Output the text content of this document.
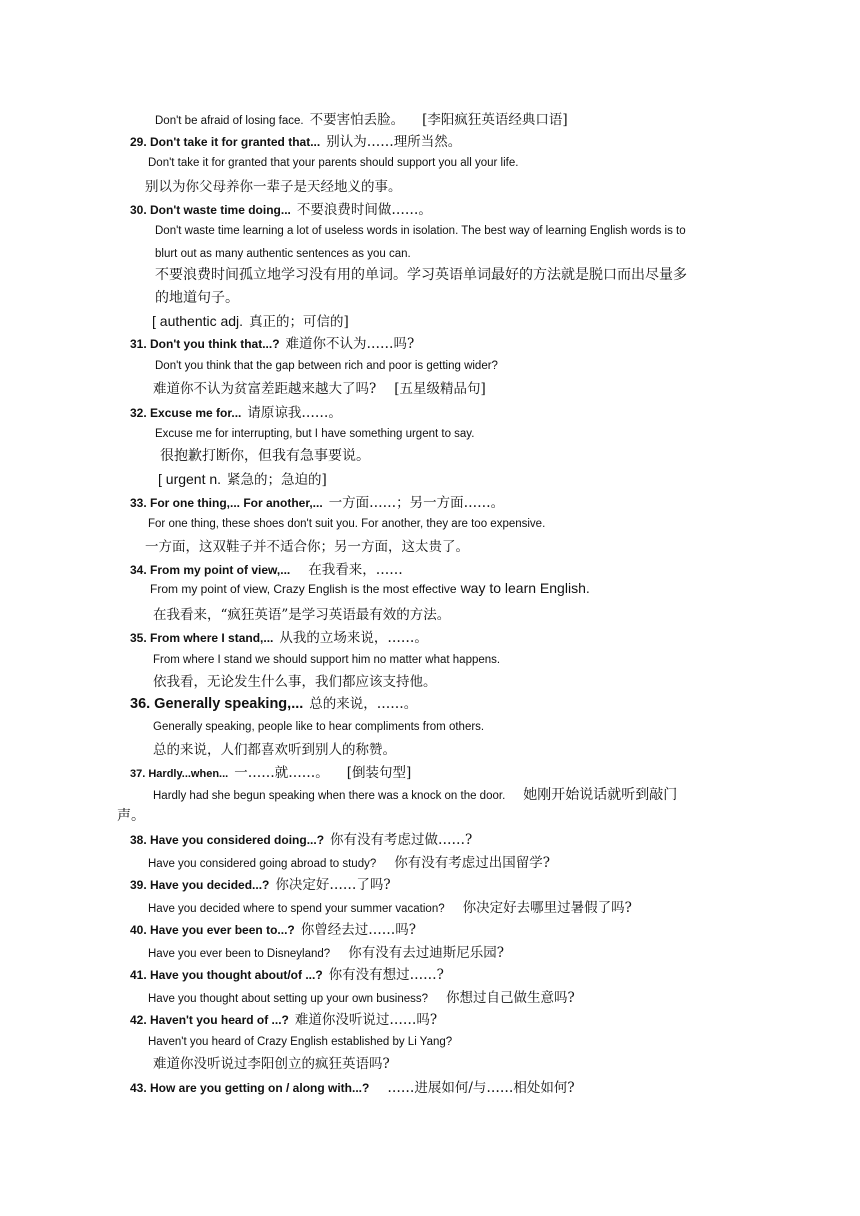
Don't be afraid of losing face. 不要害怕丢脸。 [李阳疯狂英语经典口语]
29. Don't take it for granted that... 别认为……理所当然。
Don't take it for granted that your parents should support you all your life.
别以为你父母养你一辈子是天经地义的事。
30. Don't waste time doing... 不要浪费时间做……。
Don't waste time learning a lot of useless words in isolation. The best way of learning English words is to
blurt out as many authentic sentences as you can.
不要浪费时间孤立地学习没有用的单词。学习英语单词最好的方法就是脱口而出尽量多
的地道句子。
[ authentic adj. 真正的；可信的]
31. Don't you think that...? 难道你不认为……吗?
Don't you think that the gap between rich and poor is getting wider?
难道你不认为贫富差距越来越大了吗? [五星级精品句]
32. Excuse me for... 请原谅我……。
Excuse me for interrupting, but I have something urgent to say.
很抱歉打断你，但我有急事要说。
[ urgent n. 紧急的；急迫的]
33. For one thing,... For another,... 一方面……；另一方面……。
For one thing, these shoes don't suit you. For another, they are too expensive.
一方面，这双鞋子并不适合你；另一方面，这太贵了。
34. From my point of view,... 在我看来，……
From my point of view, Crazy English is the most effective way to learn English.
在我看来，“疯狂英语”是学习英语最有效的方法。
35. From where I stand,... 从我的立场来说，……。
From where I stand we should support him no matter what happens.
依我看，无论发生什么事，我们都应该支持他。
36. Generally speaking,... 总的来说，……。
Generally speaking, people like to hear compliments from others.
总的来说，人们都喜欢听到别人的称赞。
37. Hardly...when... 一……就……。 [倒装句型]
Hardly had she begun speaking when there was a knock on the door. 她刚开始说话就听到敲门
声。
38. Have you considered doing...? 你有没有考虑过做……?
Have you considered going abroad to study? 你有没有考虑过出国留学?
39. Have you decided...? 你决定好……了吗?
Have you decided where to spend your summer vacation? 你决定好去哪里过暑假了吗?
40. Have you ever been to...? 你曾经去过……吗?
Have you ever been to Disneyland? 你有没有去过迪斯尼乐园?
41. Have you thought about/of ...? 你有没有想过……?
Have you thought about setting up your own business? 你想过自己做生意吗?
42. Haven't you heard of ...? 难道你没听说过……吗?
Haven't you heard of Crazy English established by Li Yang?
难道你没听说过李阳创立的疯狂英语吗?
43. How are you getting on / along with...? ……进展如何/与……相处如何?
